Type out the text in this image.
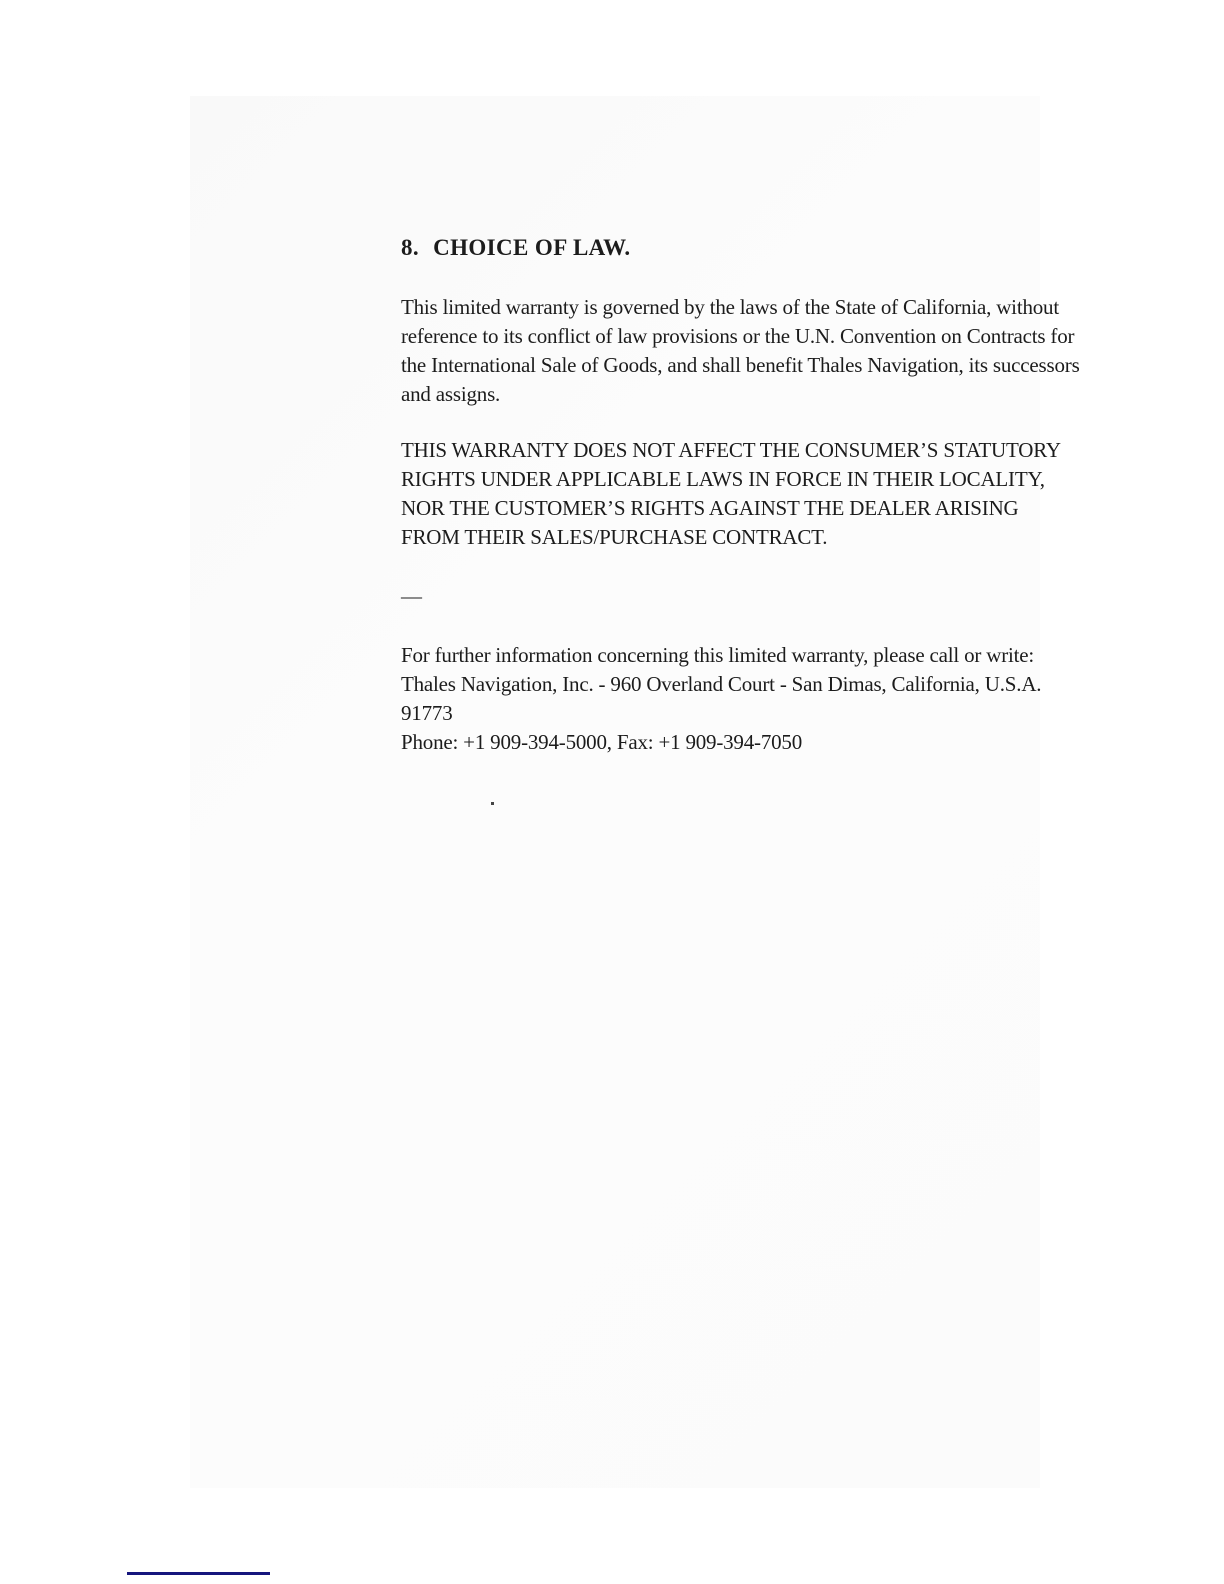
8. CHOICE OF LAW.
This limited warranty is governed by the laws of the State of California, without
reference to its conflict of law provisions or the U.N. Convention on Contracts for
the International Sale of Goods, and shall benefit Thales Navigation, its successors
and assigns.
THIS WARRANTY DOES NOT AFFECT THE CONSUMER’S STATUTORY
RIGHTS UNDER APPLICABLE LAWS IN FORCE IN THEIR LOCALITY,
NOR THE CUSTOMER’S RIGHTS AGAINST THE DEALER ARISING
FROM THEIR SALES/PURCHASE CONTRACT.
—
For further information concerning this limited warranty, please call or write:
Thales Navigation, Inc. - 960 Overland Court - San Dimas, California, U.S.A.
91773
Phone: +1 909-394-5000, Fax: +1 909-394-7050
